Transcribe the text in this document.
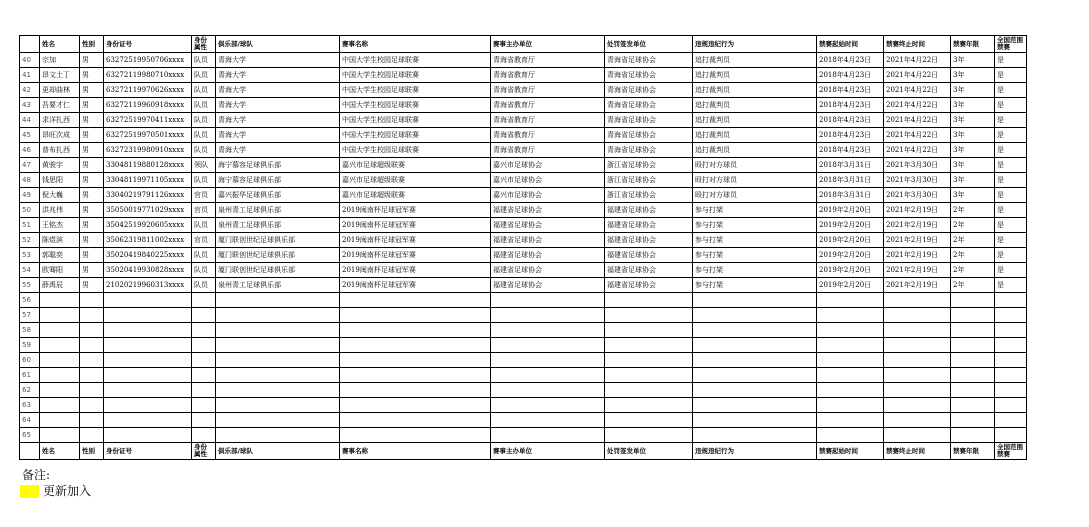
	姓名	性别	身份证号	身份属性	俱乐部/球队	赛事名称	赛事主办单位	处罚签发单位	违规违纪行为	禁赛起始时间	禁赛终止时间	禁赛年限	全国范围禁赛
40	宗加	男	63272519950706xxxx	队员	青海大学	中国大学生校园足球联赛	青海省教育厅	青海省足球协会	追打裁判员	2018年4月23日	2021年4月22日	3年	是
41	昂文土丁	男	63272119980710xxxx	队员	青海大学	中国大学生校园足球联赛	青海省教育厅	青海省足球协会	追打裁判员	2018年4月23日	2021年4月22日	3年	是
42	更却曲林	男	63272119970626xxxx	队员	青海大学	中国大学生校园足球联赛	青海省教育厅	青海省足球协会	追打裁判员	2018年4月23日	2021年4月22日	3年	是
43	吾要才仁	男	63272119960918xxxx	队员	青海大学	中国大学生校园足球联赛	青海省教育厅	青海省足球协会	追打裁判员	2018年4月23日	2021年4月22日	3年	是
44	求洋扎西	男	63272519970411xxxx	队员	青海大学	中国大学生校园足球联赛	青海省教育厅	青海省足球协会	追打裁判员	2018年4月23日	2021年4月22日	3年	是
45	昂旺次成	男	63272519970501xxxx	队员	青海大学	中国大学生校园足球联赛	青海省教育厅	青海省足球协会	追打裁判员	2018年4月23日	2021年4月22日	3年	是
46	普布扎西	男	63272319980910xxxx	队员	青海大学	中国大学生校园足球联赛	青海省教育厅	青海省足球协会	追打裁判员	2018年4月23日	2021年4月22日	3年	是
47	黄骏宇	男	33048119880128xxxx	领队	海宁慕容足球俱乐部	嘉兴市足球超级联赛	嘉兴市足球协会	浙江省足球协会	殴打对方球员	2018年3月31日	2021年3月30日	3年	是
48	钱思阳	男	33048119971105xxxx	队员	海宁慕容足球俱乐部	嘉兴市足球超级联赛	嘉兴市足球协会	浙江省足球协会	殴打对方球员	2018年3月31日	2021年3月30日	3年	是
49	倪大巍	男	33040219791126xxxx	官员	嘉兴振华足球俱乐部	嘉兴市足球超级联赛	嘉兴市足球协会	浙江省足球协会	殴打对方球员	2018年3月31日	2021年3月30日	3年	是
50	洪兆伟	男	35050019771029xxxx	官员	泉州青工足球俱乐部	2019闽南杯足球冠军赛	福建省足球协会	福建省足球协会	参与打架	2019年2月20日	2021年2月19日	2年	是
51	王铭杰	男	35042519920605xxxx	队员	泉州青工足球俱乐部	2019闽南杯足球冠军赛	福建省足球协会	福建省足球协会	参与打架	2019年2月20日	2021年2月19日	2年	是
52	陈煜滨	男	35062319811002xxxx	官员	厦门联创世纪足球俱乐部	2019闽南杯足球冠军赛	福建省足球协会	福建省足球协会	参与打架	2019年2月20日	2021年2月19日	2年	是
53	郭聪奕	男	35020419840225xxxx	队员	厦门联创世纪足球俱乐部	2019闽南杯足球冠军赛	福建省足球协会	福建省足球协会	参与打架	2019年2月20日	2021年2月19日	2年	是
54	欧骞阳	男	35020419930828xxxx	队员	厦门联创世纪足球俱乐部	2019闽南杯足球冠军赛	福建省足球协会	福建省足球协会	参与打架	2019年2月20日	2021年2月19日	2年	是
55	薛禹辰	男	21020219960313xxxx	队员	泉州青工足球俱乐部	2019闽南杯足球冠军赛	福建省足球协会	福建省足球协会	参与打架	2019年2月20日	2021年2月19日	2年	是
56													
57													
58													
59													
60													
61													
62													
63													
64													
65													
	姓名	性别	身份证号	身份属性	俱乐部/球队	赛事名称	赛事主办单位	处罚签发单位	违规违纪行为	禁赛起始时间	禁赛终止时间	禁赛年限	全国范围禁赛
备注:
更新加入
